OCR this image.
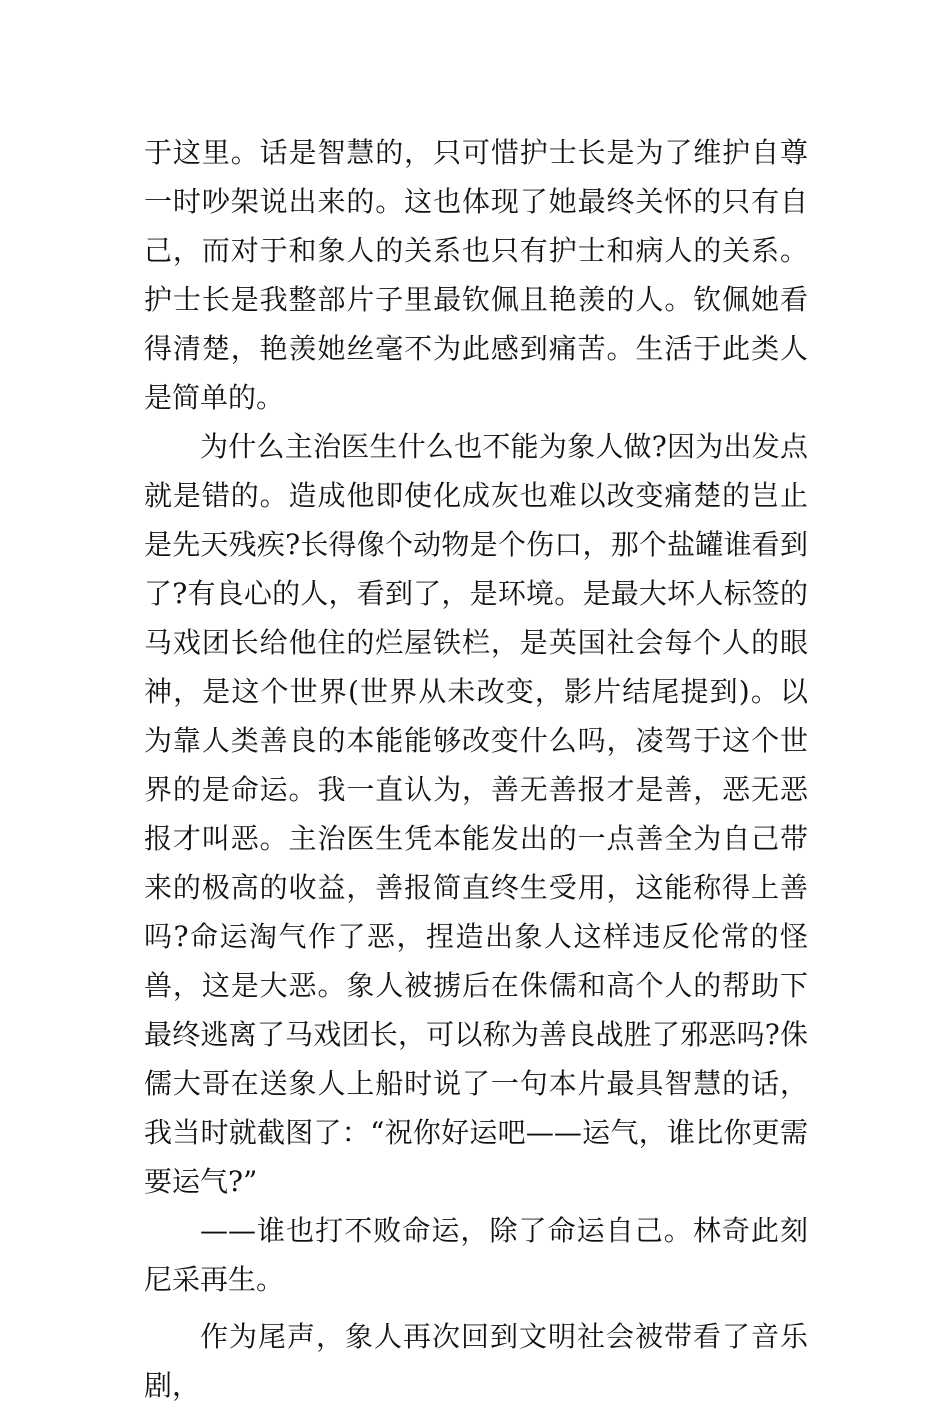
于这里。话是智慧的，只可惜护士长是为了维护自尊一时吵架说出来的。这也体现了她最终关怀的只有自己，而对于和象人的关系也只有护士和病人的关系。护士长是我整部片子里最钦佩且艳羡的人。钦佩她看得清楚，艳羡她丝毫不为此感到痛苦。生活于此类人是简单的。

为什么主治医生什么也不能为象人做?因为出发点就是错的。造成他即使化成灰也难以改变痛楚的岂止是先天残疾?长得像个动物是个伤口，那个盐罐谁看到了?有良心的人，看到了，是环境。是最大坏人标签的马戏团长给他住的烂屋铁栏，是英国社会每个人的眼神，是这个世界(世界从未改变，影片结尾提到)。以为靠人类善良的本能能够改变什么吗，凌驾于这个世界的是命运。我一直认为，善无善报才是善，恶无恶报才叫恶。主治医生凭本能发出的一点善全为自己带来的极高的收益，善报简直终生受用，这能称得上善吗?命运淘气作了恶，捏造出象人这样违反伦常的怪兽，这是大恶。象人被掳后在侏儒和高个人的帮助下最终逃离了马戏团长，可以称为善良战胜了邪恶吗?侏儒大哥在送象人上船时说了一句本片最具智慧的话，我当时就截图了：“祝你好运吧——运气，谁比你更需要运气?”

——谁也打不败命运，除了命运自己。林奇此刻尼采再生。

作为尾声，象人再次回到文明社会被带看了音乐剧，
